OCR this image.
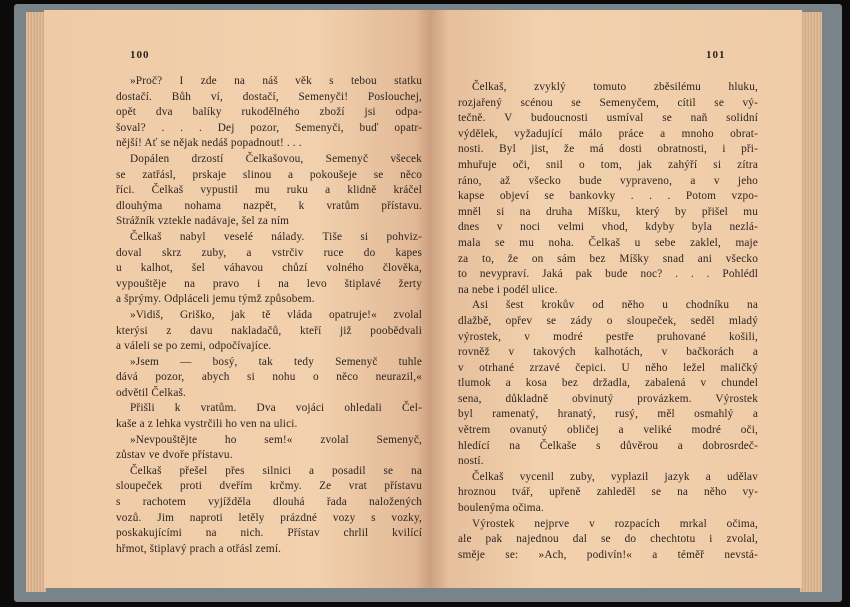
100
»Proč? I zde na náš věk s tebou statku
dostačí. Bůh ví, dostačí, Semenyči! Poslouchej,
opět dva balíky rukodělného zboží jsi odpa-
šoval? . . . Dej pozor, Semenyči, buď opatr-
nější! Ať se nějak nedáš popadnout! . . .
Dopálen drzostí Čelkašovou, Semenyč všecek
se zatřásl, prskaje slinou a pokoušeje se něco
říci. Čelkaš vypustil mu ruku a klidně kráčel
dlouhýma nohama nazpět, k vratům přístavu.
Strážník vztekle nadávaje, šel za ním
Čelkaš nabyl veselé nálady. Tiše si pohviz-
doval skrz zuby, a vstrčiv ruce do kapes
u kalhot, šel váhavou chůzí volného člověka,
vypouštěje na pravo i na levo štiplavé žerty
a šprýmy. Odpláceli jemu týmž způsobem.
»Vidiš, Griško, jak tě vláda opatruje!« zvolal
kterýsi z davu nakladačů, kteří již poobědvali
a váleli se po zemi, odpočívajíce.
»Jsem — bosý, tak tedy Semenyč tuhle
dává pozor, abych si nohu o něco neurazil,«
odvětil Čelkaš.
Přišli k vratům. Dva vojáci ohledali Čel-
kaše a z lehka vystrčili ho ven na ulici.
»Nevpouštějte ho sem!« zvolal Semenyč,
zůstav ve dvoře přístavu.
Čelkaš přešel přes silnici a posadil se na
sloupeček proti dveřím krčmy. Ze vrat přístavu
s rachotem vyjížděla dlouhá řada naložených
vozů. Jim naproti letěly prázdné vozy s vozky,
poskakujícími na nich. Přístav chrlil kvilící
hřmot, štiplavý prach a otřásl zemí.
101
Čelkaš, zvyklý tomuto zběsilému hluku,
rozjařený scénou se Semenyčem, cítil se vý-
tečně. V budoucnosti usmíval se naň solidní
výdělek, vyžadující málo práce a mnoho obrat-
nosti. Byl jist, že má dosti obratnosti, i při-
mhuřuje oči, snil o tom, jak zahýří si zítra
ráno, až všecko bude vypraveno, a v jeho
kapse objeví se bankovky . . . Potom vzpo-
mněl si na druha Míšku, který by přišel mu
dnes v noci velmi vhod, kdyby byla nezlá-
mala se mu noha. Čelkaš u sebe zaklel, maje
za to, že on sám bez Míšky snad ani všecko
to nevypraví. Jaká pak bude noc? . . . Pohlédl
na nebe i podél ulice.
Asi šest krokův od něho u chodníku na
dlažbě, opřev se zády o sloupeček, seděl mladý
výrostek, v modré pestře pruhované košili,
rovněž v takových kalhotách, v bačkorách a
v otrhané zrzavé čepici. U něho ležel maličký
tlumok a kosa bez držadla, zabalená v chundel
sena, důkladně obvinutý provázkem. Výrostek
byl ramenatý, hranatý, rusý, měl osmahlý a
větrem ovanutý obličej a veliké modré oči,
hledící na Čelkaše s důvěrou a dobrosrdeč-
ností.
Čelkaš vycenil zuby, vyplazil jazyk a udělav
hroznou tvář, upřeně zahleděl se na něho vy-
boulenýma očima.
Výrostek nejprve v rozpacích mrkal očima,
ale pak najednou dal se do chechtotu i zvolal,
smějе se: »Ach, podivín!« a téměř nevstá-
